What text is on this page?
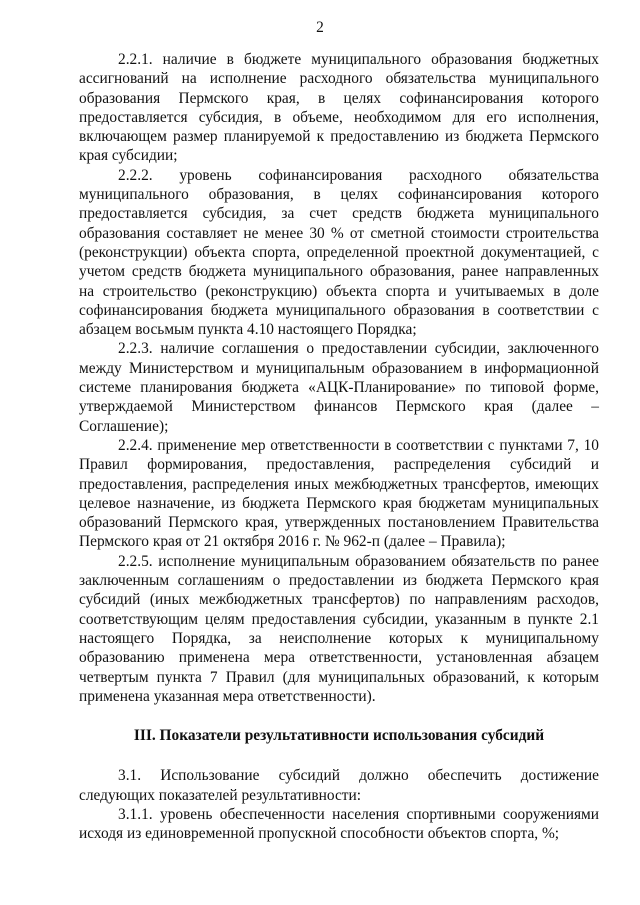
2

2.2.1. наличие в бюджете муниципального образования бюджетных ассигнований на исполнение расходного обязательства муниципального образования Пермского края, в целях софинансирования которого предоставляется субсидия, в объеме, необходимом для его исполнения, включающем размер планируемой к предоставлению из бюджета Пермского края субсидии;

2.2.2. уровень софинансирования расходного обязательства муниципального образования, в целях софинансирования которого предоставляется субсидия, за счет средств бюджета муниципального образования составляет не менее 30 % от сметной стоимости строительства (реконструкции) объекта спорта, определенной проектной документацией, с учетом средств бюджета муниципального образования, ранее направленных на строительство (реконструкцию) объекта спорта и учитываемых в доле софинансирования бюджета муниципального образования в соответствии с абзацем восьмым пункта 4.10 настоящего Порядка;

2.2.3. наличие соглашения о предоставлении субсидии, заключенного между Министерством и муниципальным образованием в информационной системе планирования бюджета «АЦК-Планирование» по типовой форме, утверждаемой Министерством финансов Пермского края (далее – Соглашение);

2.2.4. применение мер ответственности в соответствии с пунктами 7, 10 Правил формирования, предоставления, распределения субсидий и предоставления, распределения иных межбюджетных трансфертов, имеющих целевое назначение, из бюджета Пермского края бюджетам муниципальных образований Пермского края, утвержденных постановлением Правительства Пермского края от 21 октября 2016 г. № 962-п (далее – Правила);

2.2.5. исполнение муниципальным образованием обязательств по ранее заключенным соглашениям о предоставлении из бюджета Пермского края субсидий (иных межбюджетных трансфертов) по направлениям расходов, соответствующим целям предоставления субсидии, указанным в пункте 2.1 настоящего Порядка, за неисполнение которых к муниципальному образованию применена мера ответственности, установленная абзацем четвертым пункта 7 Правил (для муниципальных образований, к которым применена указанная мера ответственности).

III. Показатели результативности использования субсидий

3.1. Использование субсидий должно обеспечить достижение следующих показателей результативности:

3.1.1. уровень обеспеченности населения спортивными сооружениями исходя из единовременной пропускной способности объектов спорта, %;
